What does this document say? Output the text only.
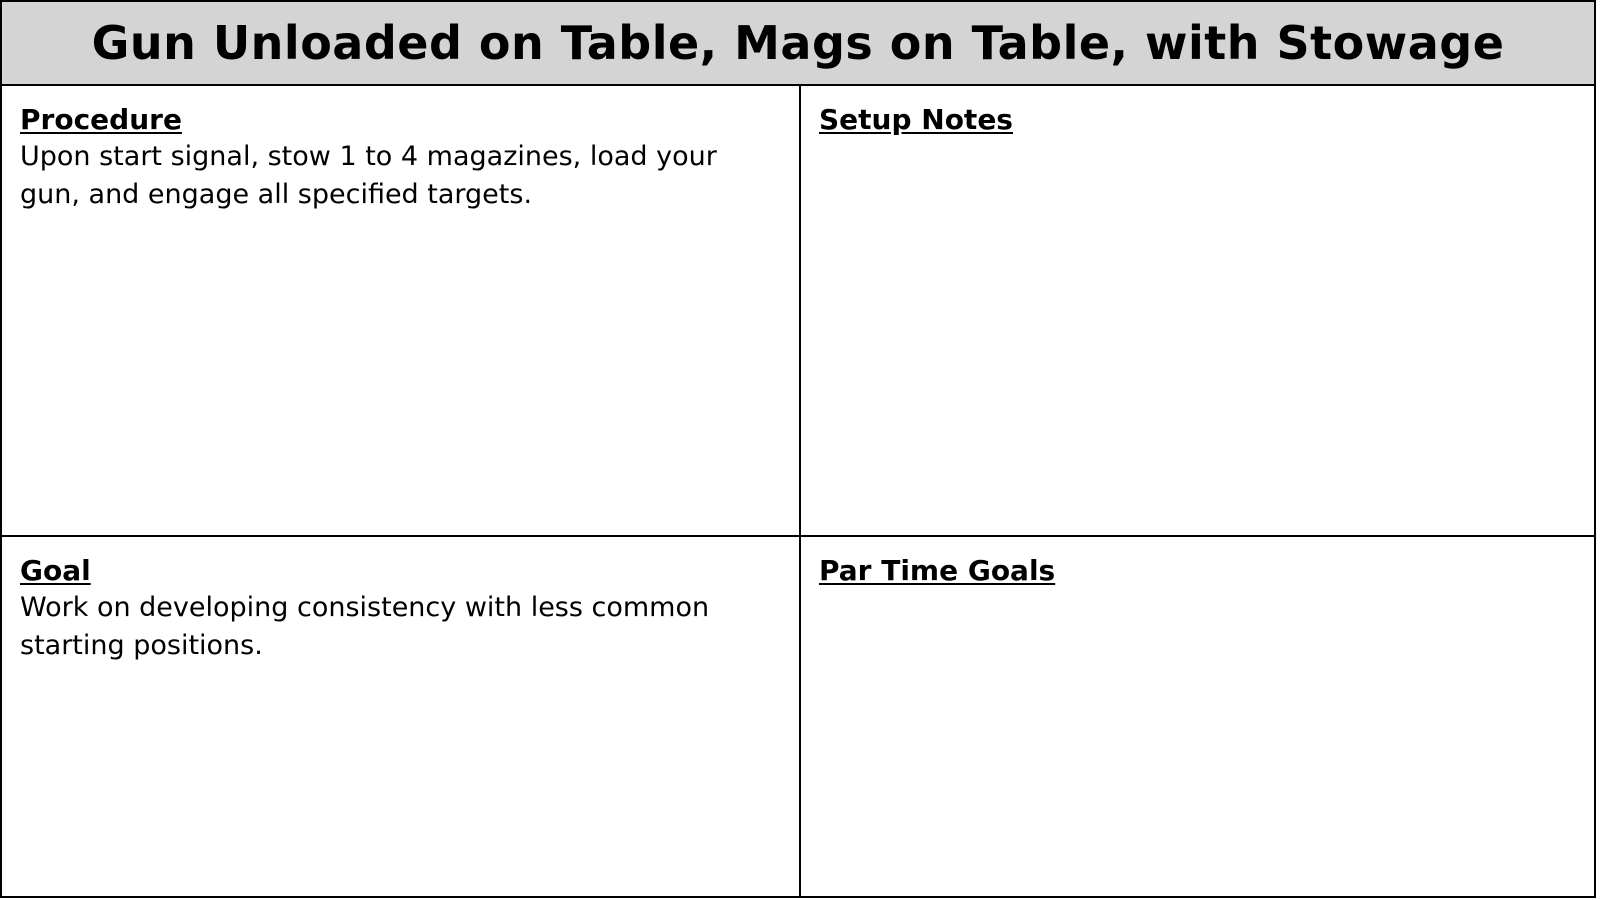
Gun Unloaded on Table, Mags on Table, with Stowage

Procedure

Upon start signal, stow 1 to 4 magazines, load your gun, and engage all specified targets.

Setup Notes

Goal

Work on developing consistency with less common starting positions.

Par Time Goals
